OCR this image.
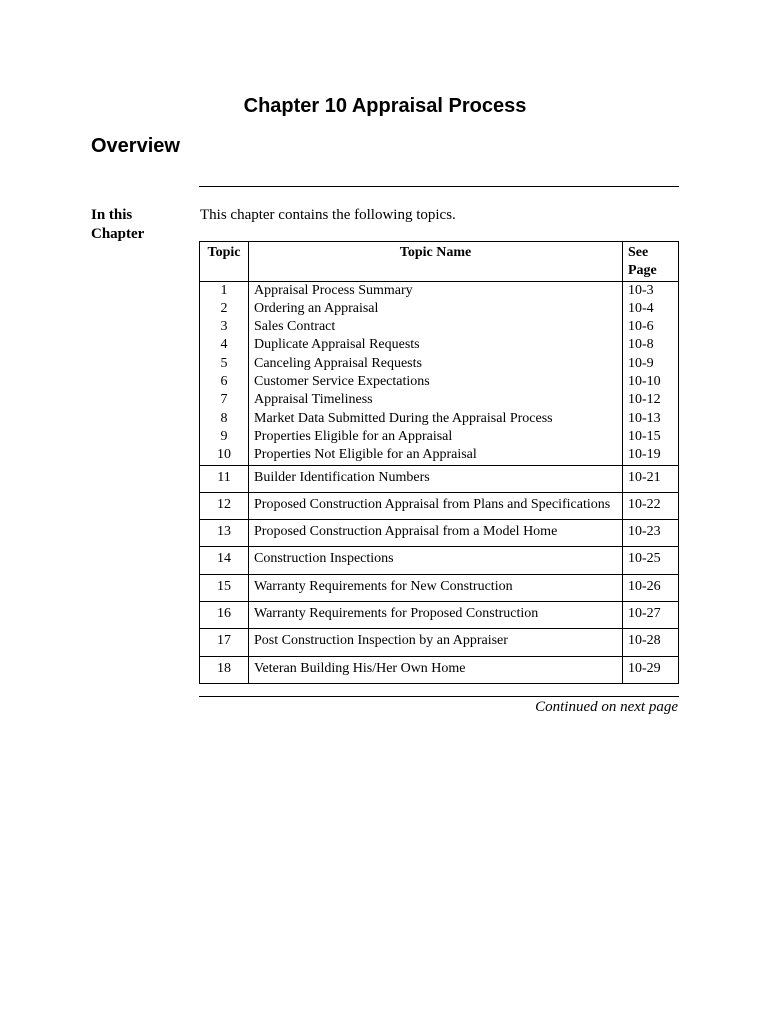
Chapter 10 Appraisal Process
Overview
In this
Chapter
This chapter contains the following topics.
Topic	Topic Name	See
Page

1	Appraisal Process Summary	10-3
2	Ordering an Appraisal	10-4
3	Sales Contract	10-6
4	Duplicate Appraisal Requests	10-8
5	Canceling Appraisal Requests	10-9
6	Customer Service Expectations	10-10
7	Appraisal Timeliness	10-12
8	Market Data Submitted During the Appraisal Process	10-13
9	Properties Eligible for an Appraisal	10-15
10	Properties Not Eligible for an Appraisal	10-19
11	Builder Identification Numbers	10-21
12	Proposed Construction Appraisal from Plans and Specifications	10-22
13	Proposed Construction Appraisal from a Model Home	10-23
14	Construction Inspections	10-25
15	Warranty Requirements for New Construction	10-26
16	Warranty Requirements for Proposed Construction	10-27
17	Post Construction Inspection by an Appraiser	10-28
18	Veteran Building His/Her Own Home	10-29
Continued on next page
